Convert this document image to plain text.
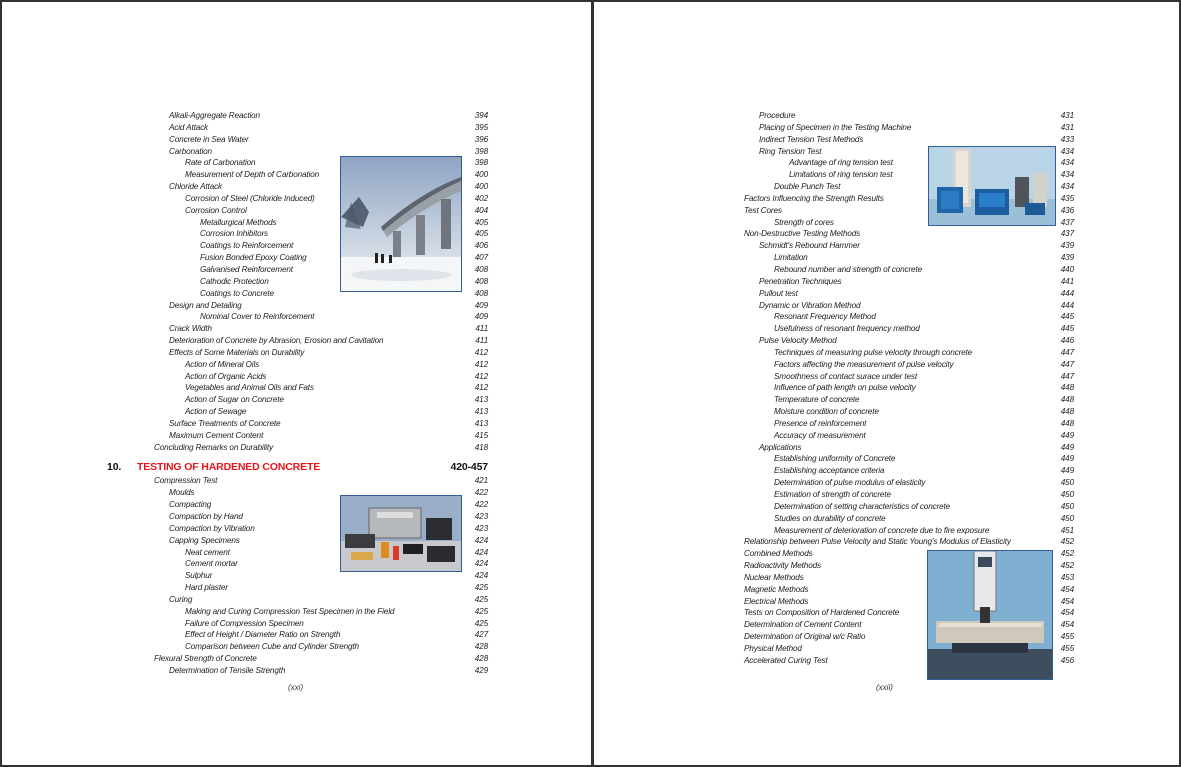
Alkali-Aggregate Reaction	394
Acid Attack	395
Concrete in Sea Water	396
Carbonation	398
Rate of Carbonation	398
Measurement of Depth of Carbonation	400
Chloride Attack	400
Corrosion of Steel (Chloride Induced)	402
Corrosion Control	404
Metallurgical Methods	405
Corrosion Inhibitors	405
Coatings to Reinforcement	406
Fusion Bonded Epoxy Coating	407
Galvanised Reinforcement	408
Cathodic Protection	408
Coatings to Concrete	408
Design and Detailing	409
Nominal Cover to Reinforcement	409
Crack Width	411
Deterioration of Concrete by Abrasion, Erosion and Cavitation	411
Effects of Some Materials on Durability	412
Action of Mineral Oils	412
Action of Organic Acids	412
Vegetables and Animal Oils and Fats	412
Action of Sugar on Concrete	413
Action of Sewage	413
Surface Treatments of Concrete	413
Maximum Cement Content	415
Concluding Remarks on Durability	418
10. TESTING OF HARDENED CONCRETE	420-457
Compression Test	421
Moulds	422
Compacting	422
Compaction by Hand	423
Compaction by Vibration	423
Capping Specimens	424
Neat cement	424
Cement mortar	424
Sulphur	424
Hard plaster	425
Curing	425
Making and Curing Compression Test Specimen in the Field	425
Failure of Compression Specimen	425
Effect of Height / Diameter Ratio on Strength	427
Comparison between Cube and Cylinder Strength	428
Flexural Strength of Concrete	428
Determination of Tensile Strength	429
(xxi)
Procedure	431
Placing of Specimen in the Testing Machine	431
Indirect Tension Test Methods	433
Ring Tension Test	434
Advantage of ring tension test	434
Limitations of ring tension test	434
Double Punch Test	434
Factors Influencing the Strength Results	435
Test Cores	436
Strength of cores	437
Non-Destructive Testing Methods	437
Schmidt's Rebound Hammer	439
Limitation	439
Rebound number and strength of concrete	440
Penetration Techniques	441
Pullout test	444
Dynamic or Vibration Method	444
Resonant Frequency Method	445
Usefulness of resonant frequency method	445
Pulse Velocity Method	446
Techniques of measuring pulse velocity through concrete	447
Factors affecting the measurement of pulse velocity	447
Smoothness of contact surace under test	447
Influence of path length on pulse velocity	448
Temperature of concrete	448
Moisture condition of concrete	448
Presence of reinforcement	448
Accuracy of measurement	449
Applications	449
Establishing uniformity of Concrete	449
Establishing acceptance criteria	449
Determination of pulse modulus of elasticity	450
Estimation of strength of concrete	450
Determination of setting characteristics of concrete	450
Studies on durability of concrete	450
Measurement of deterioration of concrete due to fire exposure	451
Relationship between Pulse Velocity and Static Young's Modulus of Elasticity	452
Combined Methods	452
Radioactivity Methods	452
Nuclear Methods	453
Magnetic Methods	454
Electrical Methods	454
Tests on Composition of Hardened Concrete	454
Determination of Cement Content	454
Determination of Original w/c Ratio	455
Physical Method	455
Accelerated Curing Test	456
(xxii)
